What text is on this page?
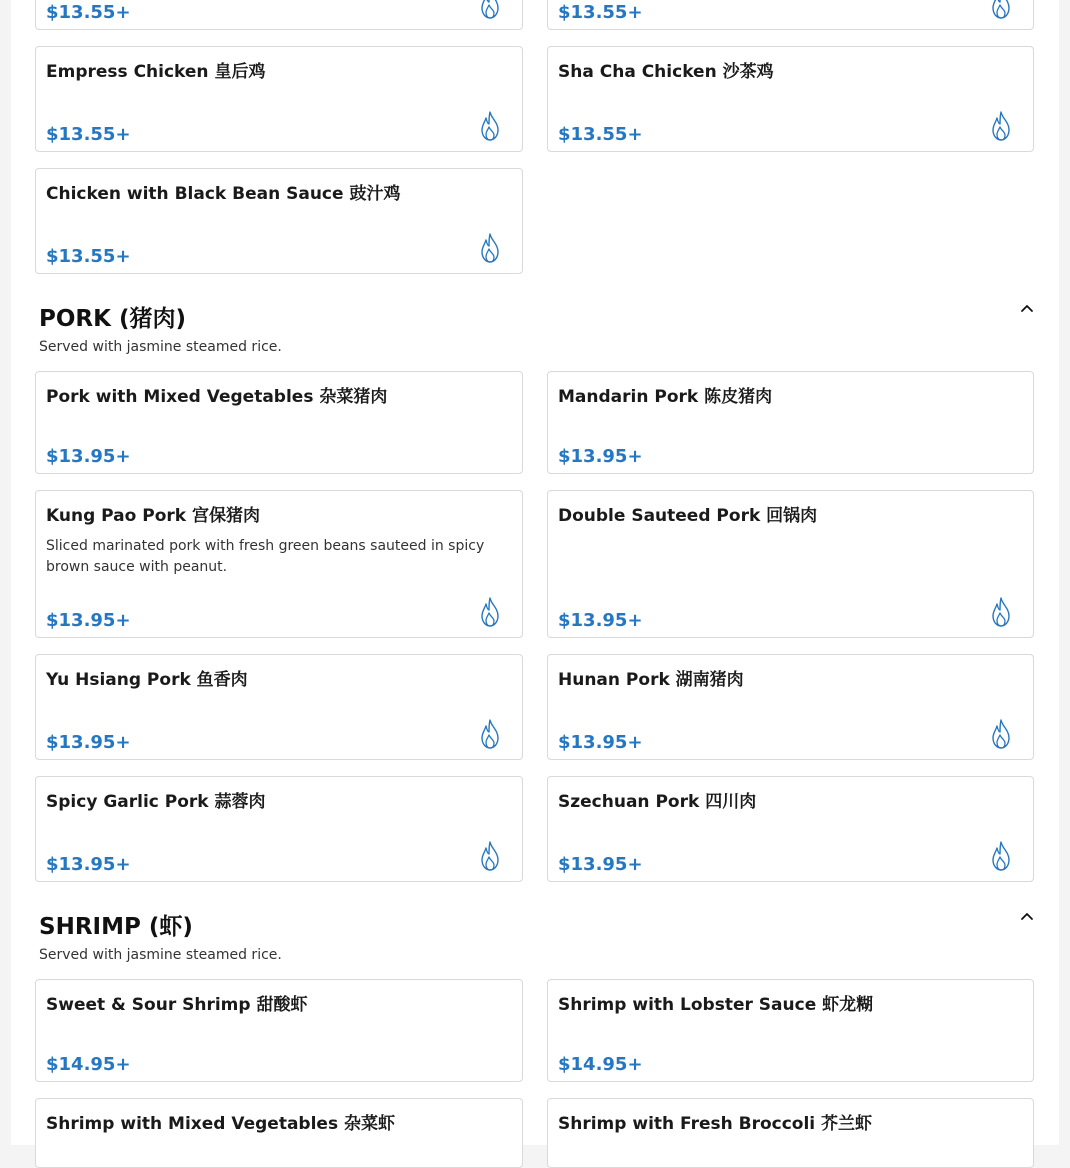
$13.55+	$13.55+
Empress Chicken 皇后鸡
$13.55+
Sha Cha Chicken 沙茶鸡
$13.55+
Chicken with Black Bean Sauce 豉汁鸡
$13.55+
PORK (猪肉)
Served with jasmine steamed rice.
Pork with Mixed Vegetables 杂菜猪肉
$13.95+
Mandarin Pork 陈皮猪肉
$13.95+
Kung Pao Pork 宫保猪肉
Sliced marinated pork with fresh green beans sauteed in spicy brown sauce with peanut.
$13.95+
Double Sauteed Pork 回锅肉
$13.95+
Yu Hsiang Pork 鱼香肉
$13.95+
Hunan Pork 湖南猪肉
$13.95+
Spicy Garlic Pork 蒜蓉肉
$13.95+
Szechuan Pork 四川肉
$13.95+
SHRIMP (虾)
Served with jasmine steamed rice.
Sweet & Sour Shrimp 甜酸虾
$14.95+
Shrimp with Lobster Sauce 虾龙糊
$14.95+
Shrimp with Mixed Vegetables 杂菜虾	Shrimp with Fresh Broccoli 芥兰虾
